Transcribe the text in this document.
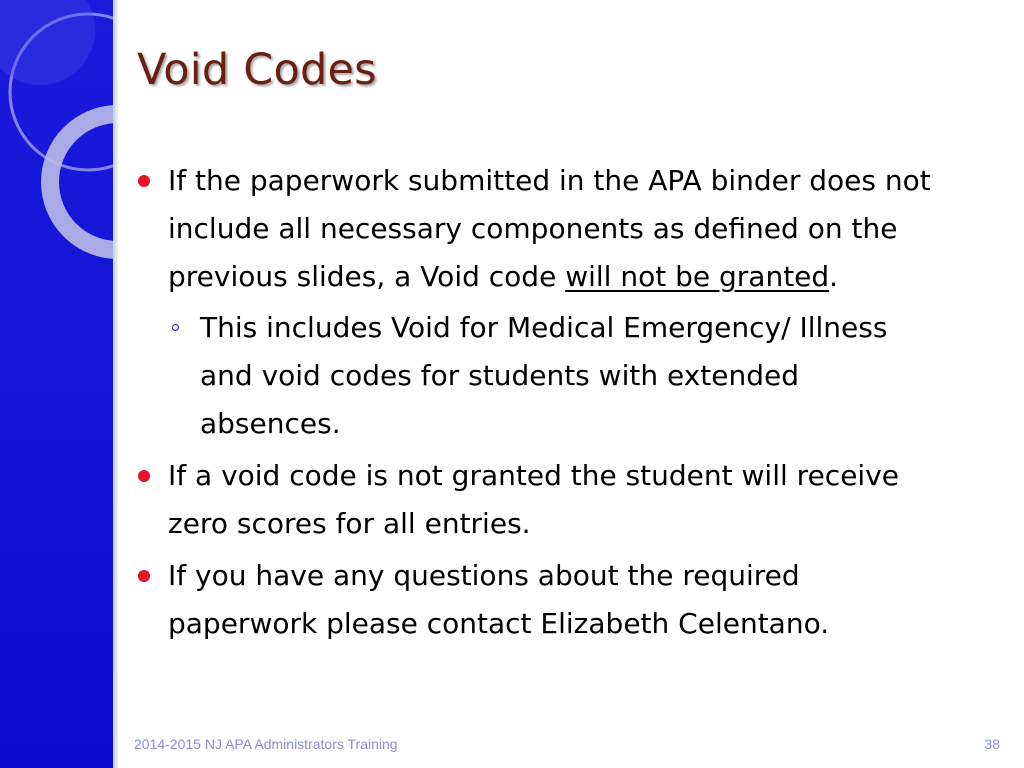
Void Codes

If the paperwork submitted in the APA binder does not include all necessary components as defined on the previous slides, a Void code will not be granted.

This includes Void for Medical Emergency/ Illness and void codes for students with extended absences.

If a void code is not granted the student will receive zero scores for all entries.

If you have any questions about the required paperwork please contact Elizabeth Celentano.

2014-2015 NJ APA Administrators Training	38
